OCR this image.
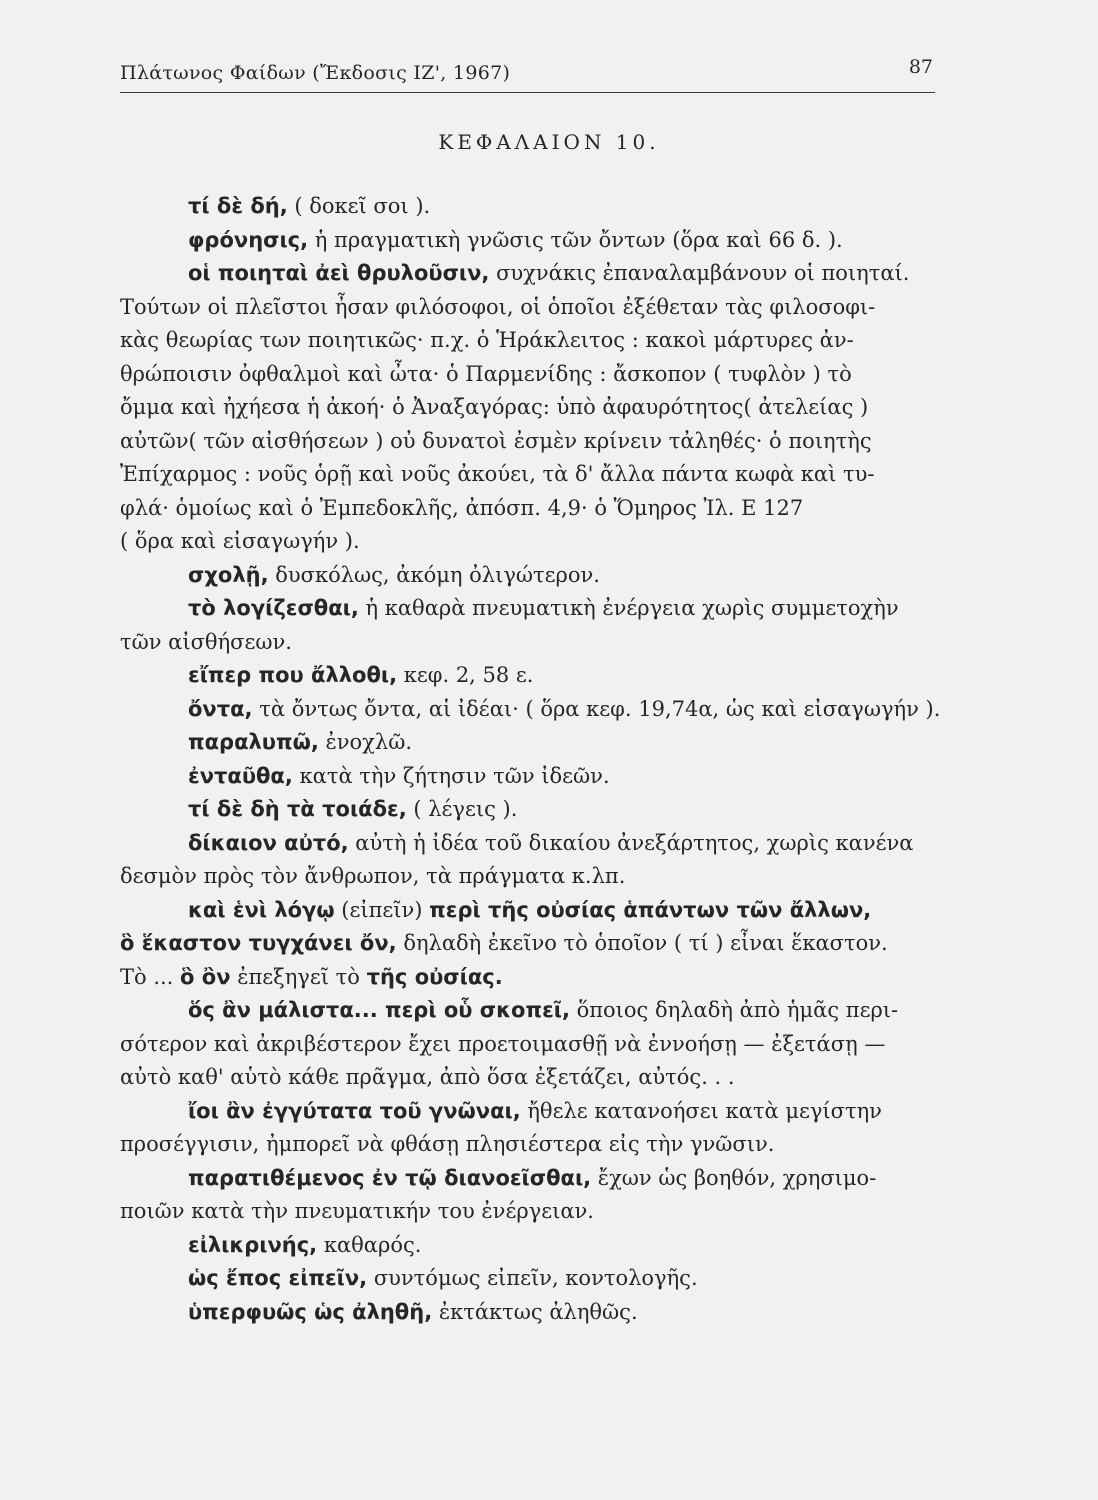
Πλάτωνος Φαίδων (Ἔκδοσις ΙΖ', 1967)	87
ΚΕΦΑΛΑΙΟΝ 10.
τί δὲ δή, ( δοκεῖ σοι ).
φρόνησις, ἡ πραγματικὴ γνῶσις τῶν ὄντων (ὅρα καὶ 66 δ. ).
οἱ ποιηταὶ ἀεὶ θρυλοῦσιν, συχνάκις ἐπαναλαμβάνουν οἱ ποιηταί.
Τούτων οἱ πλεῖστοι ἦσαν φιλόσοφοι, οἱ ὁποῖοι ἐξέθεταν τὰς φιλοσοφι-
κὰς θεωρίας των ποιητικῶς· π.χ. ὁ Ἡράκλειτος : κακοὶ μάρτυρες ἀν-
θρώποισιν ὀφθαλμοὶ καὶ ὦτα· ὁ Παρμενίδης : ἄσκοπον ( τυφλὸν ) τὸ
ὄμμα καὶ ἠχήεσα ἡ ἀκοή· ὁ Ἀναξαγόρας: ὑπὸ ἀφαυρότητος( ἀτελείας )
αὐτῶν( τῶν αἰσθήσεων ) οὐ δυνατοὶ ἐσμὲν κρίνειν τἀληθές· ὁ ποιητὴς
Ἐπίχαρμος : νοῦς ὁρῇ καὶ νοῦς ἀκούει, τὰ δ' ἄλλα πάντα κωφὰ καὶ τυ-
φλά· ὁμοίως καὶ ὁ Ἐμπεδοκλῆς, ἀπόσπ. 4,9· ὁ Ὅμηρος Ἰλ. Ε 127
( ὅρα καὶ εἰσαγωγήν ).
σχολῇ, δυσκόλως, ἀκόμη ὀλιγώτερον.
τὸ λογίζεσθαι, ἡ καθαρὰ πνευματικὴ ἐνέργεια χωρὶς συμμετοχὴν
τῶν αἰσθήσεων.
εἴπερ που ἄλλοθι, κεφ. 2, 58 ε.
ὄντα, τὰ ὄντως ὄντα, αἱ ἰδέαι· ( ὅρα κεφ. 19,74α, ὡς καὶ εἰσαγωγήν ).
παραλυπῶ, ἐνοχλῶ.
ἐνταῦθα, κατὰ τὴν ζήτησιν τῶν ἰδεῶν.
τί δὲ δὴ τὰ τοιάδε, ( λέγεις ).
δίκαιον αὐτό, αὐτὴ ἡ ἰδέα τοῦ δικαίου ἀνεξάρτητος, χωρὶς κανένα
δεσμὸν πρὸς τὸν ἄνθρωπον, τὰ πράγματα κ.λπ.
καὶ ἑνὶ λόγῳ (εἰπεῖν) περὶ τῆς οὐσίας ἁπάντων τῶν ἄλλων,
ὃ ἕκαστον τυγχάνει ὄν, δηλαδὴ ἐκεῖνο τὸ ὁποῖον ( τί ) εἶναι ἕκαστον.
Τὸ ... ὃ ὂν ἐπεξηγεῖ τὸ τῆς οὐσίας.
ὅς ἂν μάλιστα... περὶ οὗ σκοπεῖ, ὅποιος δηλαδὴ ἀπὸ ἡμᾶς περι-
σότερον καὶ ἀκριβέστερον ἔχει προετοιμασθῇ νὰ ἐννοήσῃ — ἐξετάσῃ —
αὐτὸ καθ' αὑτὸ κάθε πρᾶγμα, ἀπὸ ὅσα ἐξετάζει, αὐτός. . .
ἴοι ἂν ἐγγύτατα τοῦ γνῶναι, ἤθελε κατανοήσει κατὰ μεγίστην
προσέγγισιν, ἠμπορεῖ νὰ φθάσῃ πλησιέστερα εἰς τὴν γνῶσιν.
παρατιθέμενος ἐν τῷ διανοεῖσθαι, ἔχων ὡς βοηθόν, χρησιμο-
ποιῶν κατὰ τὴν πνευματικήν του ἐνέργειαν.
εἰλικρινής, καθαρός.
ὡς ἔπος εἰπεῖν, συντόμως εἰπεῖν, κοντολογῆς.
ὑπερφυῶς ὡς ἀληθῆ, ἐκτάκτως ἀληθῶς.
